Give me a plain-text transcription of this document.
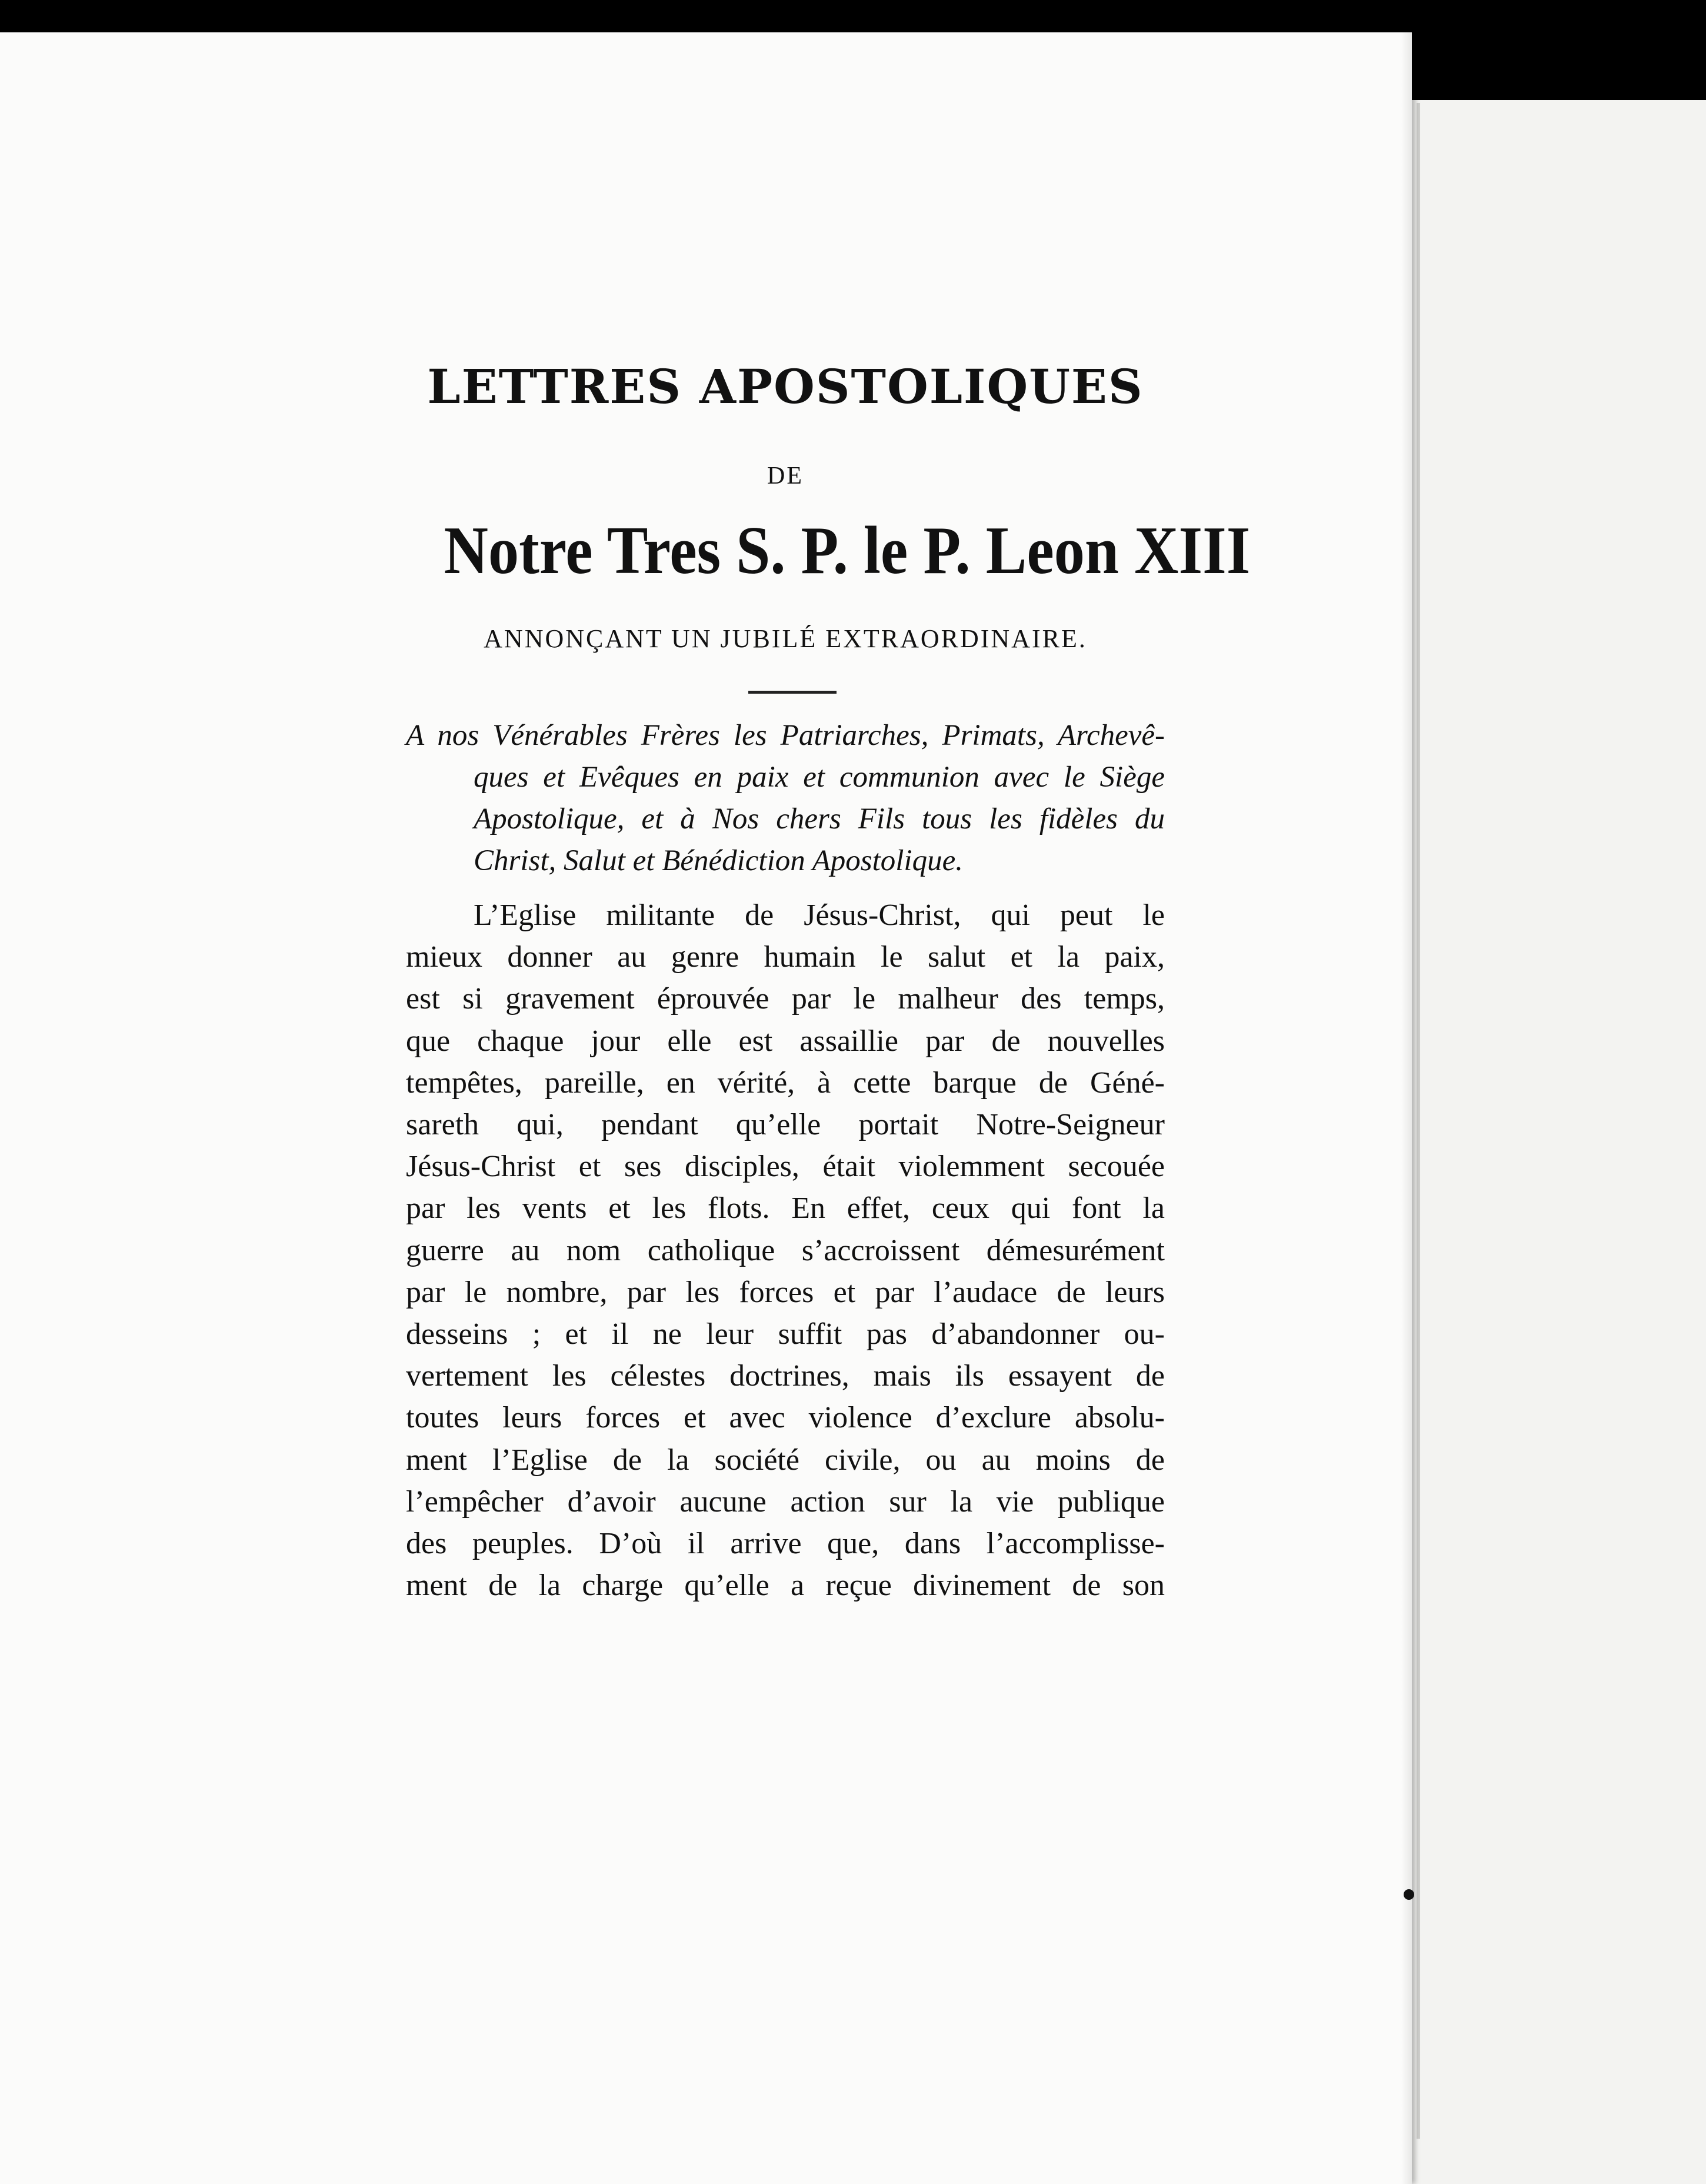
LETTRES APOSTOLIQUES
DE
Notre Tres S. P. le P. Leon XIII
ANNONÇANT UN JUBILÉ EXTRAORDINAIRE.
A nos Vénérables Frères les Patriarches, Primats, Archevê-
ques et Evêques en paix et communion avec le Siège
Apostolique, et à Nos chers Fils tous les fidèles du
Christ, Salut et Bénédiction Apostolique.
L’Eglise militante de Jésus-Christ, qui peut le
mieux donner au genre humain le salut et la paix,
est si gravement éprouvée par le malheur des temps,
que chaque jour elle est assaillie par de nouvelles
tempêtes, pareille, en vérité, à cette barque de Géné-
sareth qui, pendant qu’elle portait Notre-Seigneur
Jésus-Christ et ses disciples, était violemment secouée
par les vents et les flots. En effet, ceux qui font la
guerre au nom catholique s’accroissent démesurément
par le nombre, par les forces et par l’audace de leurs
desseins ; et il ne leur suffit pas d’abandonner ou-
vertement les célestes doctrines, mais ils essayent de
toutes leurs forces et avec violence d’exclure absolu-
ment l’Eglise de la société civile, ou au moins de
l’empêcher d’avoir aucune action sur la vie publique
des peuples. D’où il arrive que, dans l’accomplisse-
ment de la charge qu’elle a reçue divinement de son
